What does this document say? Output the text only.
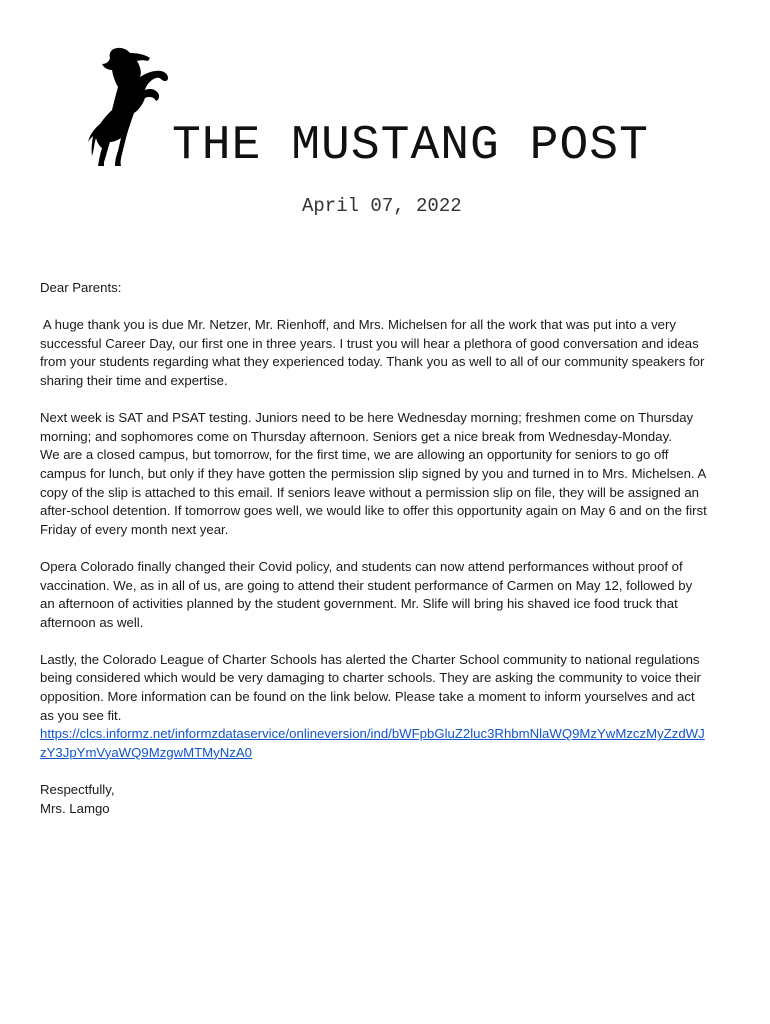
THE MUSTANG POST
April 07, 2022
Dear Parents:
A huge thank you is due Mr. Netzer, Mr. Rienhoff, and Mrs. Michelsen for all the work that was put into a very
successful Career Day, our first one in three years. I trust you will hear a plethora of good conversation and ideas
from your students regarding what they experienced today. Thank you as well to all of our community speakers for
sharing their time and expertise.
Next week is SAT and PSAT testing. Juniors need to be here Wednesday morning; freshmen come on Thursday
morning; and sophomores come on Thursday afternoon. Seniors get a nice break from Wednesday-Monday.
We are a closed campus, but tomorrow, for the first time, we are allowing an opportunity for seniors to go off
campus for lunch, but only if they have gotten the permission slip signed by you and turned in to Mrs. Michelsen. A
copy of the slip is attached to this email. If seniors leave without a permission slip on file, they will be assigned an
after-school detention. If tomorrow goes well, we would like to offer this opportunity again on May 6 and on the first
Friday of every month next year.
Opera Colorado finally changed their Covid policy, and students can now attend performances without proof of
vaccination. We, as in all of us, are going to attend their student performance of Carmen on May 12, followed by
an afternoon of activities planned by the student government. Mr. Slife will bring his shaved ice food truck that
afternoon as well.
Lastly, the Colorado League of Charter Schools has alerted the Charter School community to national regulations
being considered which would be very damaging to charter schools. They are asking the community to voice their
opposition. More information can be found on the link below. Please take a moment to inform yourselves and act
as you see fit.
https://clcs.informz.net/informzdataservice/onlineversion/ind/bWFpbGluZ2luc3RhbmNlaWQ9MzYwMzczMyZzdWJ
zY3JpYmVyaWQ9MzgwMTMyNzA0
Respectfully,
Mrs. Lamgo
